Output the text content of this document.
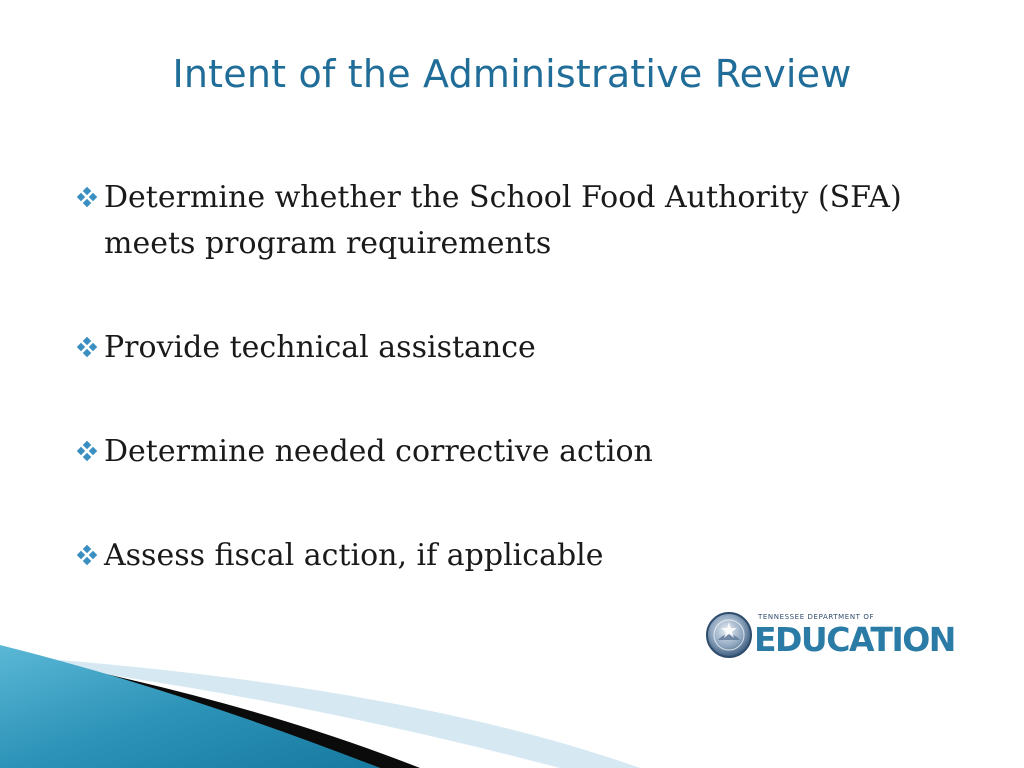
Intent of the Administrative Review
Determine whether the School Food Authority (SFA) meets program requirements
Provide technical assistance
Determine needed corrective action
Assess fiscal action, if applicable
TENNESSEE DEPARTMENT OF
EDUCATION
